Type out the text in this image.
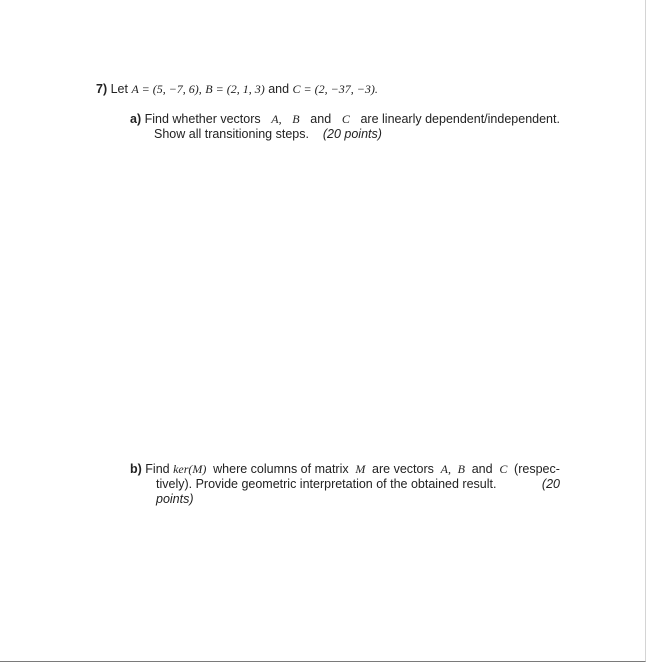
7) Let A = (5, −7, 6), B = (2, 1, 3) and C = (2, −37, −3).
a) Find whether vectors A, B and C are linearly dependent/independent.
Show all transitioning steps. (20 points)
b) Find ker(M) where columns of matrix M are vectors A, B and C (respec-
tively). Provide geometric interpretation of the obtained result.	(20
points)
